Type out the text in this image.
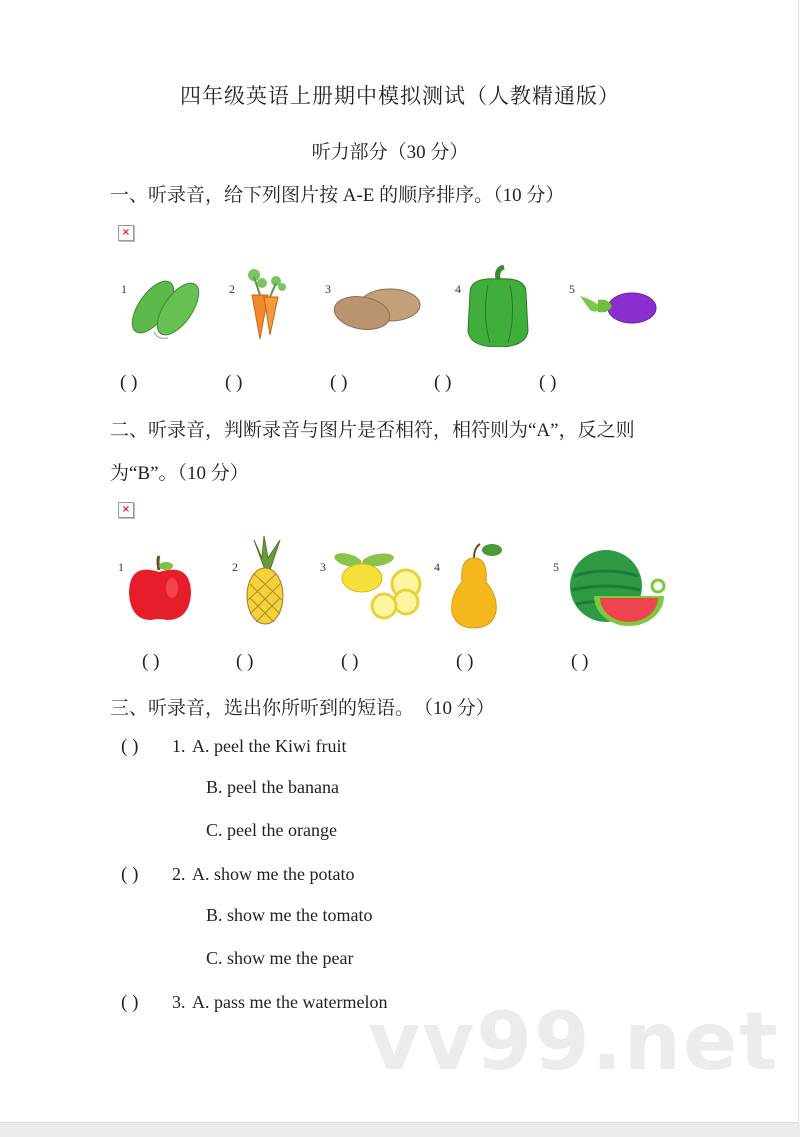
四年级英语上册期中模拟测试（人教精通版）
听力部分（30 分）
一、听录音，给下列图片按 A-E 的顺序排序。（10 分）
×
1	2	3	4	5
( )	( )	( )	( )	( )
二、听录音，判断录音与图片是否相符，相符则为“A”，反之则
为“B”。（10 分）
×
1	2	3	4	5
( )	( )	( )	( )	( )
三、听录音，选出你所听到的短语。　（10 分）
( ) 1. A. peel the Kiwi fruit
B. peel the banana
C. peel the orange
( ) 2. A. show me the potato
B. show me the tomato
C. show me the pear
( ) 3. A. pass me the watermelon
vv99.net
